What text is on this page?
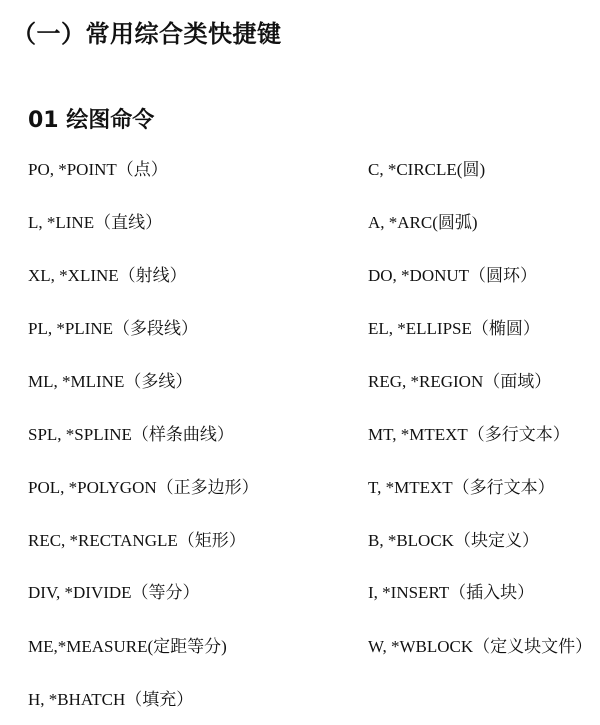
（一）常用综合类快捷键
01 绘图命令
PO, *POINT（点）
L, *LINE（直线）
XL, *XLINE（射线）
PL, *PLINE（多段线）
ML, *MLINE（多线）
SPL, *SPLINE（样条曲线）
POL, *POLYGON（正多边形）
REC, *RECTANGLE（矩形）
DIV, *DIVIDE（等分）
ME,*MEASURE(定距等分)
H, *BHATCH（填充）
C, *CIRCLE(圆)
A, *ARC(圆弧)
DO, *DONUT（圆环）
EL, *ELLIPSE（椭圆）
REG, *REGION（面域）
MT, *MTEXT（多行文本）
T, *MTEXT（多行文本）
B, *BLOCK（块定义）
I, *INSERT（插入块）
W, *WBLOCK（定义块文件）
